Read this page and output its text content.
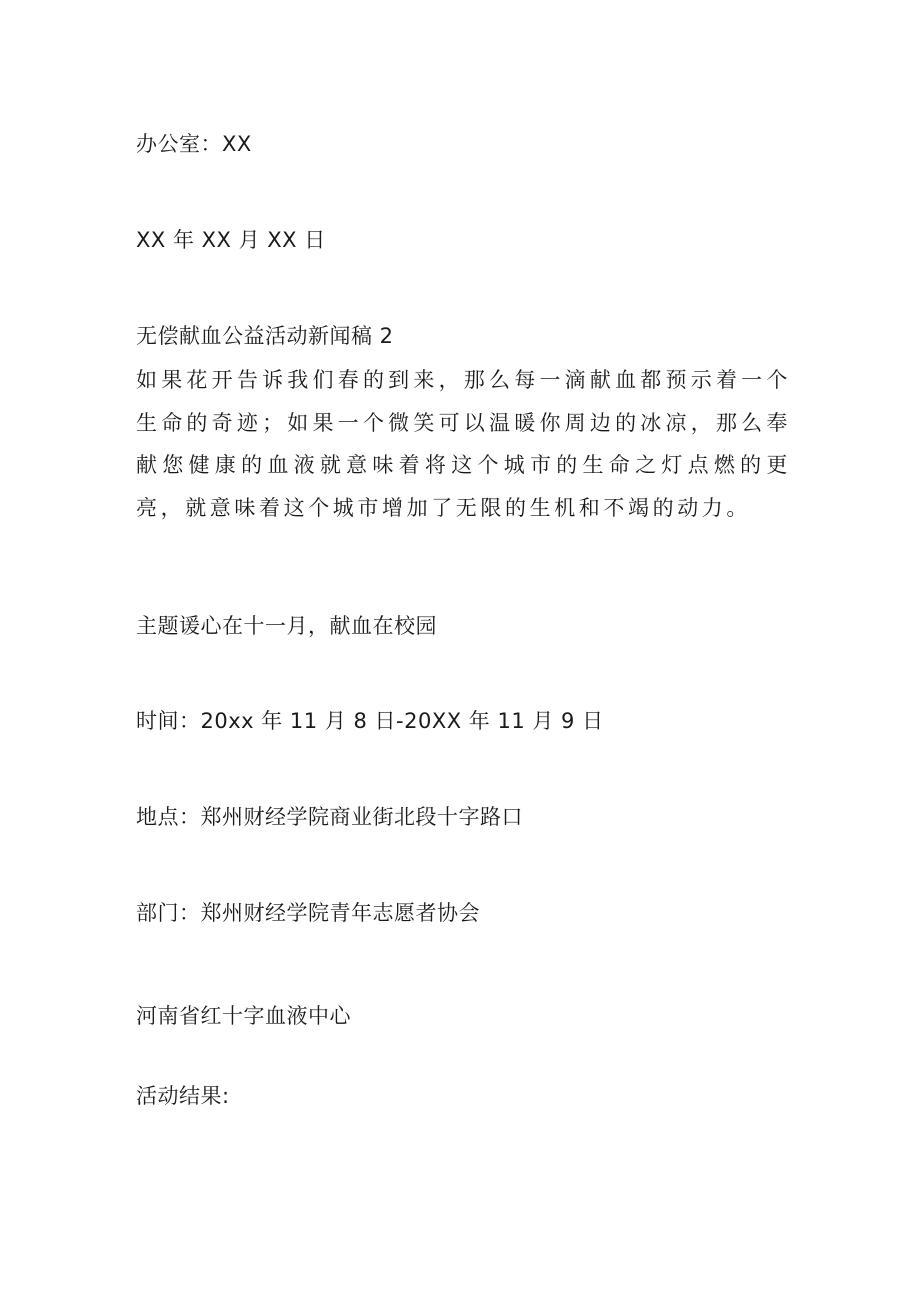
办公室：XX
XX 年 XX 月 XX 日
无偿献血公益活动新闻稿 2
如果花开告诉我们春的到来，那么每一滴献血都预示着一个生命的奇迹；如果一个微笑可以温暖你周边的冰凉，那么奉献您健康的血液就意味着将这个城市的生命之灯点燃的更亮，就意味着这个城市增加了无限的生机和不竭的动力。
主题谖心在十一月，献血在校园
时间：20xx 年 11 月 8 日-20XX 年 11 月 9 日
地点：郑州财经学院商业街北段十字路口
部门：郑州财经学院青年志愿者协会
河南省红十字血液中心
活动结果:
